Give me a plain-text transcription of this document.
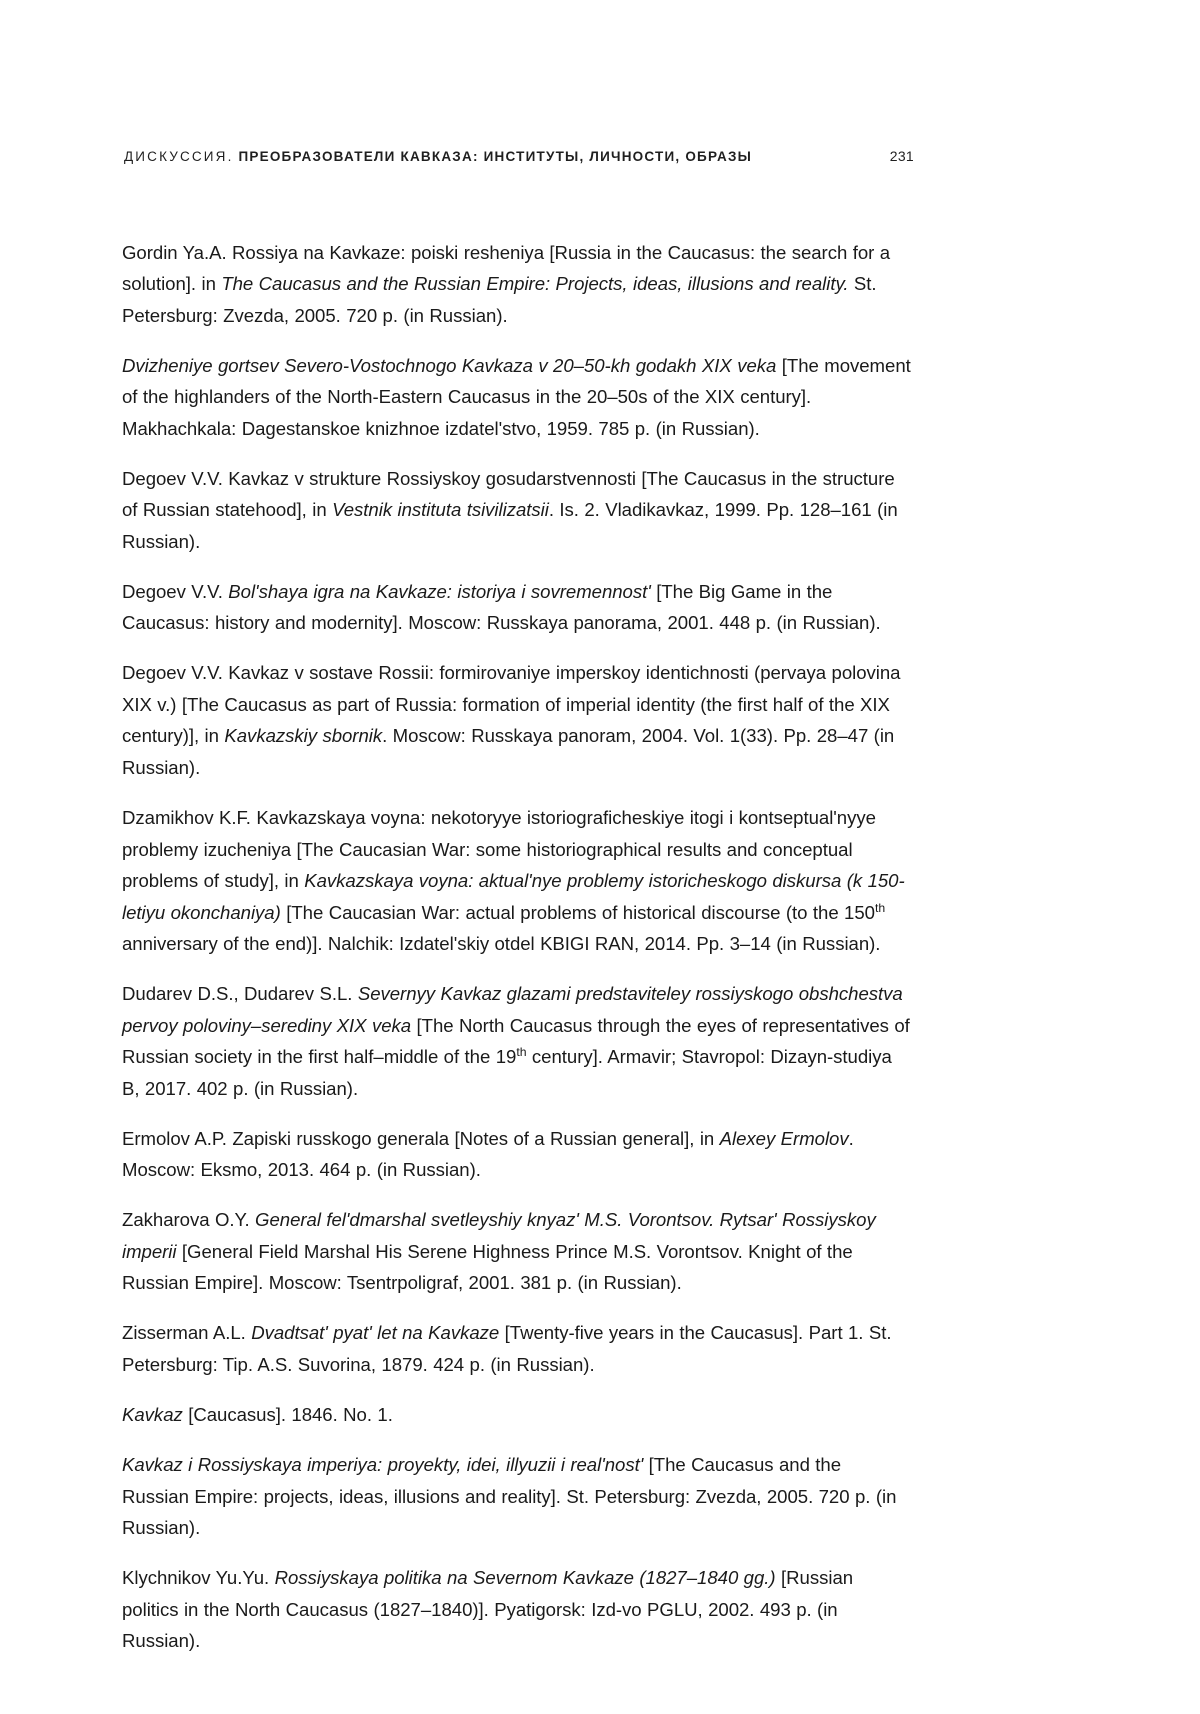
ДИСКУССИЯ. ПРЕОБРАЗОВАТЕЛИ КАВКАЗА: ИНСТИТУТЫ, ЛИЧНОСТИ, ОБРАЗЫ	231

Gordin Ya.A. Rossiya na Kavkaze: poiski resheniya [Russia in the Caucasus: the search for a solution]. in The Caucasus and the Russian Empire: Projects, ideas, illusions and reality. St. Petersburg: Zvezda, 2005. 720 p. (in Russian).

Dvizheniye gortsev Severo-Vostochnogo Kavkaza v 20–50-kh godakh XIX veka [The movement of the highlanders of the North-Eastern Caucasus in the 20–50s of the XIX century]. Makhachkala: Dagestanskoe knizhnoe izdatel'stvo, 1959. 785 p. (in Russian).

Degoev V.V. Kavkaz v strukture Rossiyskoy gosudarstvennosti [The Caucasus in the structure of Russian statehood], in Vestnik instituta tsivilizatsii. Is. 2. Vladikavkaz, 1999. Pp. 128–161 (in Russian).

Degoev V.V. Bol'shaya igra na Kavkaze: istoriya i sovremennost' [The Big Game in the Caucasus: history and modernity]. Moscow: Russkaya panorama, 2001. 448 p. (in Russian).

Degoev V.V. Kavkaz v sostave Rossii: formirovaniye imperskoy identichnosti (pervaya polovina XIX v.) [The Caucasus as part of Russia: formation of imperial identity (the first half of the XIX century)], in Kavkazskiy sbornik. Moscow: Russkaya panoram, 2004. Vol. 1(33). Pp. 28–47 (in Russian).

Dzamikhov K.F. Kavkazskaya voyna: nekotoryye istoriograficheskiye itogi i kontseptual'nyye problemy izucheniya [The Caucasian War: some historiographical results and conceptual problems of study], in Kavkazskaya voyna: aktual'nye problemy istoricheskogo diskursa (k 150-letiyu okonchaniya) [The Caucasian War: actual problems of historical discourse (to the 150th anniversary of the end)]. Nalchik: Izdatel'skiy otdel KBIGI RAN, 2014. Pp. 3–14 (in Russian).

Dudarev D.S., Dudarev S.L. Severnyy Kavkaz glazami predstaviteley rossiyskogo obshchestva pervoy poloviny–serediny XIX veka [The North Caucasus through the eyes of representatives of Russian society in the first half–middle of the 19th century]. Armavir; Stavropol: Dizayn-studiya B, 2017. 402 p. (in Russian).

Ermolov A.P. Zapiski russkogo generala [Notes of a Russian general], in Alexey Ermolov. Moscow: Eksmo, 2013. 464 p. (in Russian).

Zakharova O.Y. General fel'dmarshal svetleyshiy knyaz' M.S. Vorontsov. Rytsar' Rossiyskoy imperii [General Field Marshal His Serene Highness Prince M.S. Vorontsov. Knight of the Russian Empire]. Moscow: Tsentrpoligraf, 2001. 381 p. (in Russian).

Zisserman A.L. Dvadtsat' pyat' let na Kavkaze [Twenty-five years in the Caucasus]. Part 1. St. Petersburg: Tip. A.S. Suvorina, 1879. 424 p. (in Russian).

Kavkaz [Caucasus]. 1846. No. 1.

Kavkaz i Rossiyskaya imperiya: proyekty, idei, illyuzii i real'nost' [The Caucasus and the Russian Empire: projects, ideas, illusions and reality]. St. Petersburg: Zvezda, 2005. 720 p. (in Russian).

Klychnikov Yu.Yu. Rossiyskaya politika na Severnom Kavkaze (1827–1840 gg.) [Russian politics in the North Caucasus (1827–1840)]. Pyatigorsk: Izd-vo PGLU, 2002. 493 p. (in Russian).
